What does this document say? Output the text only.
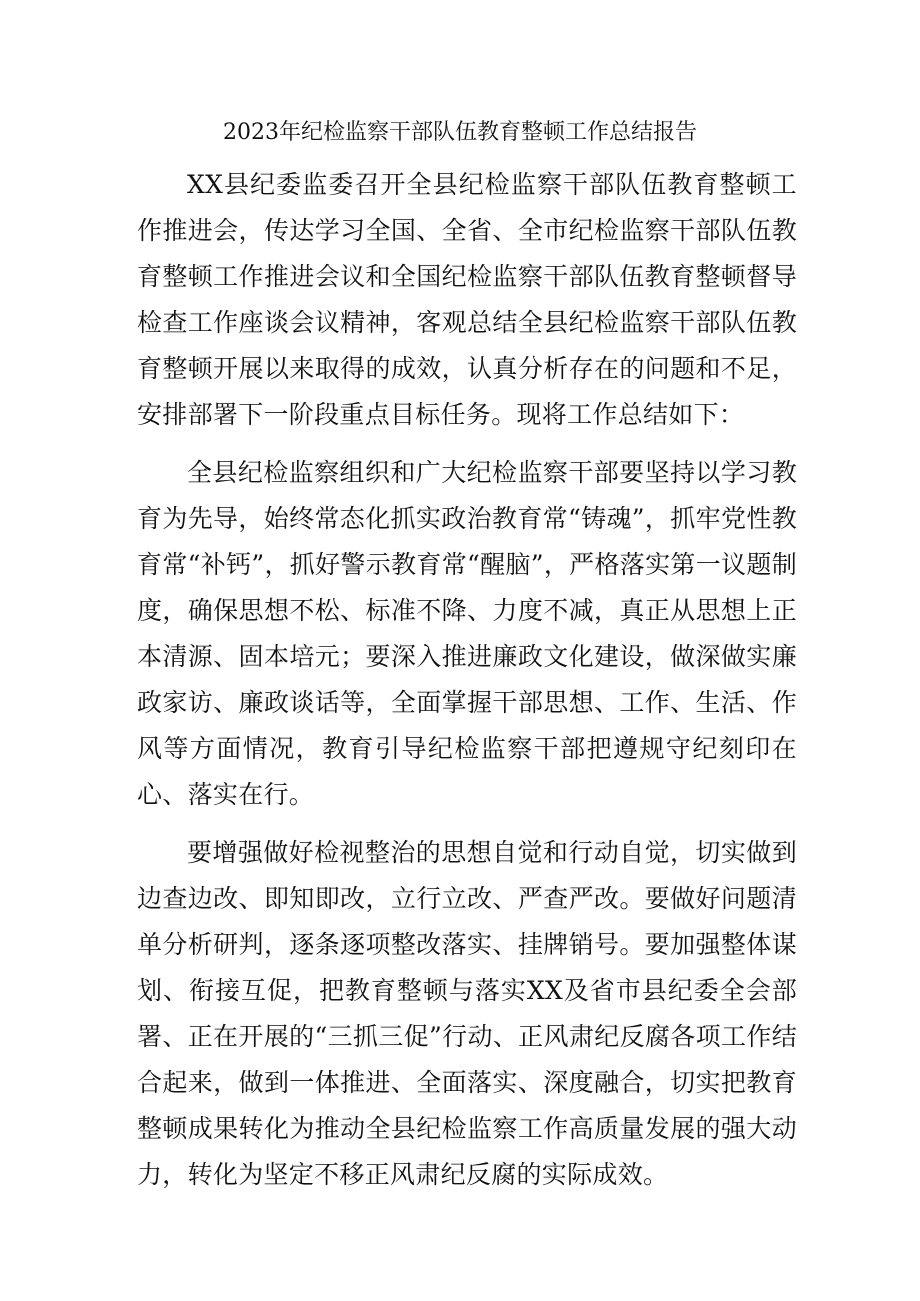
2023年纪检监察干部队伍教育整顿工作总结报告

XX县纪委监委召开全县纪检监察干部队伍教育整顿工作推进会，传达学习全国、全省、全市纪检监察干部队伍教育整顿工作推进会议和全国纪检监察干部队伍教育整顿督导检查工作座谈会议精神，客观总结全县纪检监察干部队伍教育整顿开展以来取得的成效，认真分析存在的问题和不足，安排部署下一阶段重点目标任务。现将工作总结如下：

全县纪检监察组织和广大纪检监察干部要坚持以学习教育为先导，始终常态化抓实政治教育常“铸魂”，抓牢党性教育常“补钙”，抓好警示教育常“醒脑”，严格落实第一议题制度，确保思想不松、标准不降、力度不减，真正从思想上正本清源、固本培元；要深入推进廉政文化建设，做深做实廉政家访、廉政谈话等，全面掌握干部思想、工作、生活、作风等方面情况，教育引导纪检监察干部把遵规守纪刻印在心、落实在行。

要增强做好检视整治的思想自觉和行动自觉，切实做到边查边改、即知即改，立行立改、严查严改。要做好问题清单分析研判，逐条逐项整改落实、挂牌销号。要加强整体谋划、衔接互促，把教育整顿与落实XX及省市县纪委全会部署、正在开展的“三抓三促”行动、正风肃纪反腐各项工作结合起来，做到一体推进、全面落实、深度融合，切实把教育整顿成果转化为推动全县纪检监察工作高质量发展的强大动力，转化为坚定不移正风肃纪反腐的实际成效。
